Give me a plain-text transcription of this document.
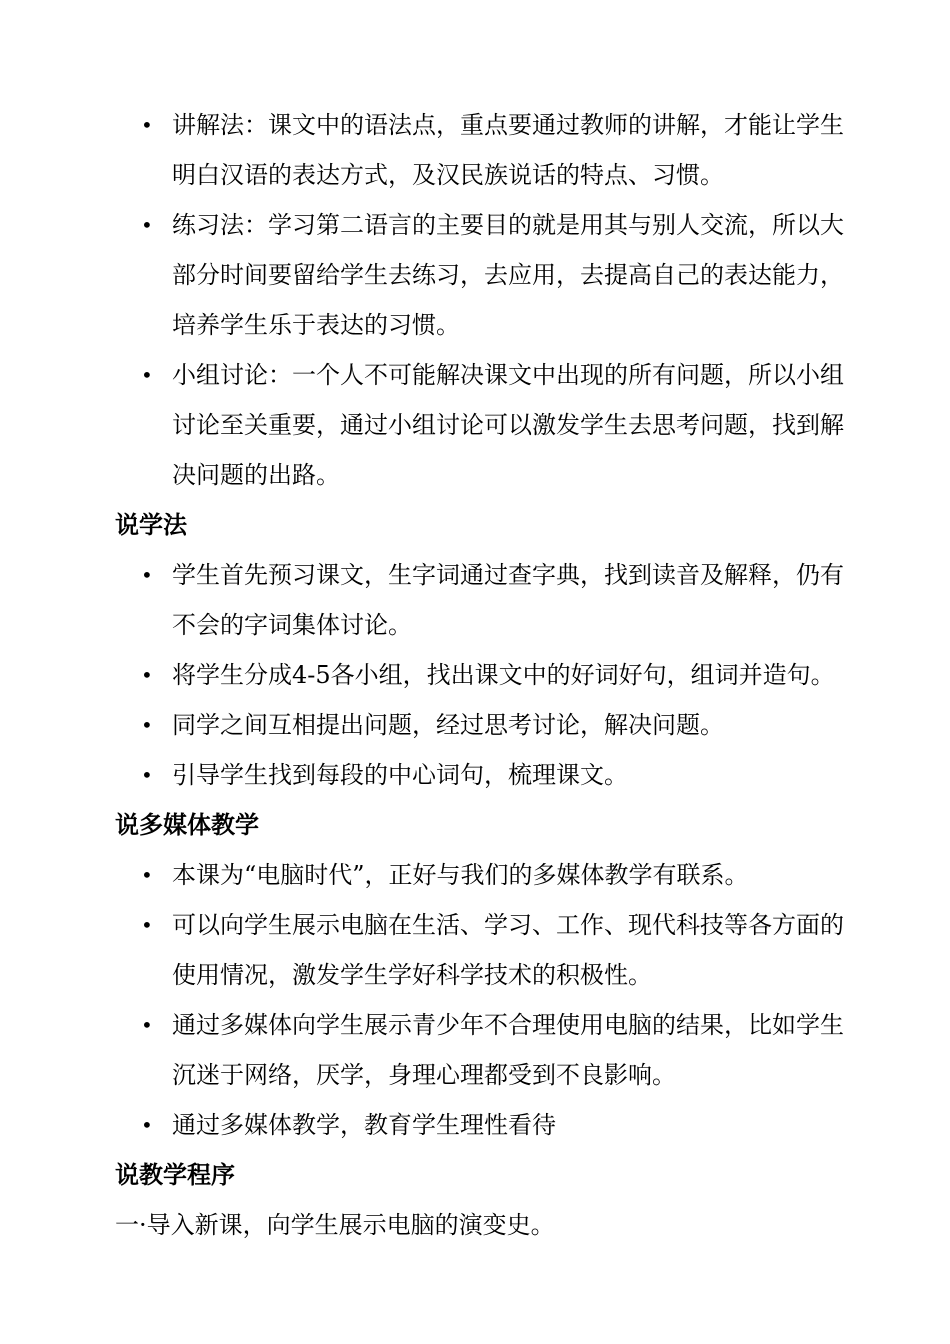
• 讲解法：课文中的语法点，重点要通过教师的讲解，才能让学生明白汉语的表达方式，及汉民族说话的特点、习惯。
• 练习法：学习第二语言的主要目的就是用其与别人交流，所以大部分时间要留给学生去练习，去应用，去提高自己的表达能力，培养学生乐于表达的习惯。
• 小组讨论：一个人不可能解决课文中出现的所有问题，所以小组讨论至关重要，通过小组讨论可以激发学生去思考问题，找到解决问题的出路。
说学法
• 学生首先预习课文，生字词通过查字典，找到读音及解释，仍有不会的字词集体讨论。
• 将学生分成4-5各小组，找出课文中的好词好句，组词并造句。
• 同学之间互相提出问题，经过思考讨论，解决问题。
• 引导学生找到每段的中心词句，梳理课文。
说多媒体教学
• 本课为“电脑时代”，正好与我们的多媒体教学有联系。
• 可以向学生展示电脑在生活、学习、工作、现代科技等各方面的使用情况，激发学生学好科学技术的积极性。
• 通过多媒体向学生展示青少年不合理使用电脑的结果，比如学生沉迷于网络，厌学，身理心理都受到不良影响。
• 通过多媒体教学，教育学生理性看待
说教学程序

一·导入新课，向学生展示电脑的演变史。
